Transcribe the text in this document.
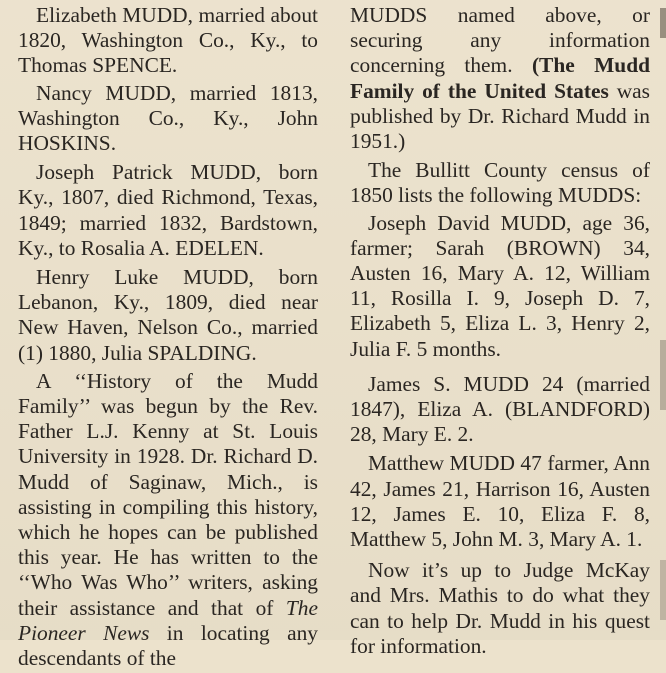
Elizabeth MUDD, married about 1820, Washington Co., Ky., to Thomas SPENCE.

Nancy MUDD, married 1813, Washington Co., Ky., John HOSKINS.

Joseph Patrick MUDD, born Ky., 1807, died Richmond, Texas, 1849; married 1832, Bardstown, Ky., to Rosalia A. EDELEN.

Henry Luke MUDD, born Lebanon, Ky., 1809, died near New Haven, Nelson Co., married (1) 1880, Julia SPALDING.

A ‘‘History of the Mudd Family’’ was begun by the Rev. Father L.J. Kenny at St. Louis University in 1928. Dr. Richard D. Mudd of Saginaw, Mich., is assisting in compiling this history, which he hopes can be published this year. He has written to the ‘‘Who Was Who’’ writers, asking their assistance and that of The Pioneer News in locating any descendants of the

MUDDS named above, or securing any information concerning them. (The Mudd Family of the United States was published by Dr. Richard Mudd in 1951.)

The Bullitt County census of 1850 lists the following MUDDS:

Joseph David MUDD, age 36, farmer; Sarah (BROWN) 34, Austen 16, Mary A. 12, William 11, Rosilla I. 9, Joseph D. 7, Elizabeth 5, Eliza L. 3, Henry 2, Julia F. 5 months.

James S. MUDD 24 (married 1847), Eliza A. (BLANDFORD) 28, Mary E. 2.

Matthew MUDD 47 farmer, Ann 42, James 21, Harrison 16, Austen 12, James E. 10, Eliza F. 8, Matthew 5, John M. 3, Mary A. 1.

Now it’s up to Judge McKay and Mrs. Mathis to do what they can to help Dr. Mudd in his quest for information.
